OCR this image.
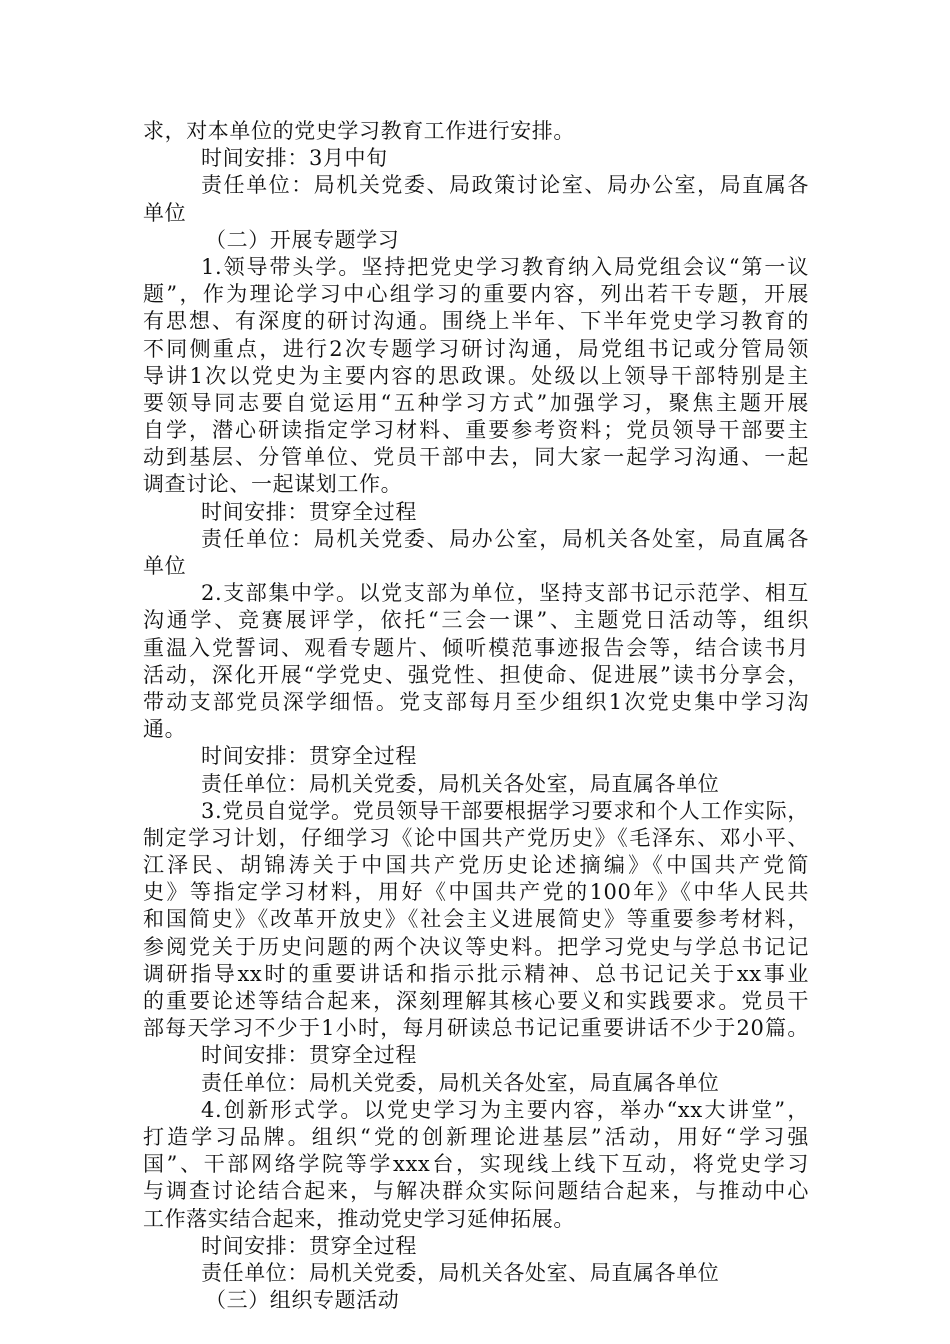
求，对本单位的党史学习教育工作进行安排。
时间安排：3月中旬
责任单位：局机关党委、局政策讨论室、局办公室，局直属各
单位
（二）开展专题学习
1.领导带头学。坚持把党史学习教育纳入局党组会议“第一议
题”，作为理论学习中心组学习的重要内容，列出若干专题，开展
有思想、有深度的研讨沟通。围绕上半年、下半年党史学习教育的
不同侧重点，进行2次专题学习研讨沟通，局党组书记或分管局领
导讲1次以党史为主要内容的思政课。处级以上领导干部特别是主
要领导同志要自觉运用“五种学习方式”加强学习，聚焦主题开展
自学，潜心研读指定学习材料、重要参考资料；党员领导干部要主
动到基层、分管单位、党员干部中去，同大家一起学习沟通、一起
调查讨论、一起谋划工作。
时间安排：贯穿全过程
责任单位：局机关党委、局办公室，局机关各处室，局直属各
单位
2.支部集中学。以党支部为单位，坚持支部书记示范学、相互
沟通学、竞赛展评学，依托“三会一课”、主题党日活动等，组织
重温入党誓词、观看专题片、倾听模范事迹报告会等，结合读书月
活动，深化开展“学党史、强党性、担使命、促进展”读书分享会，
带动支部党员深学细悟。党支部每月至少组织1次党史集中学习沟
通。
时间安排：贯穿全过程
责任单位：局机关党委，局机关各处室，局直属各单位
3.党员自觉学。党员领导干部要根据学习要求和个人工作实际，
制定学习计划，仔细学习《论中国共产党历史》《毛泽东、邓小平、
江泽民、胡锦涛关于中国共产党历史论述摘编》《中国共产党简
史》等指定学习材料，用好《中国共产党的100年》《中华人民共
和国简史》《改革开放史》《社会主义进展简史》等重要参考材料，
参阅党关于历史问题的两个决议等史料。把学习党史与学总书记记
调研指导xx时的重要讲话和指示批示精神、总书记记关于xx事业
的重要论述等结合起来，深刻理解其核心要义和实践要求。党员干
部每天学习不少于1小时，每月研读总书记记重要讲话不少于20篇。
时间安排：贯穿全过程
责任单位：局机关党委，局机关各处室，局直属各单位
4.创新形式学。以党史学习为主要内容，举办“xx大讲堂”，
打造学习品牌。组织“党的创新理论进基层”活动，用好“学习强
国”、干部网络学院等学xxx台，实现线上线下互动，将党史学习
与调查讨论结合起来，与解决群众实际问题结合起来，与推动中心
工作落实结合起来，推动党史学习延伸拓展。
时间安排：贯穿全过程
责任单位：局机关党委，局机关各处室、局直属各单位
（三）组织专题活动
